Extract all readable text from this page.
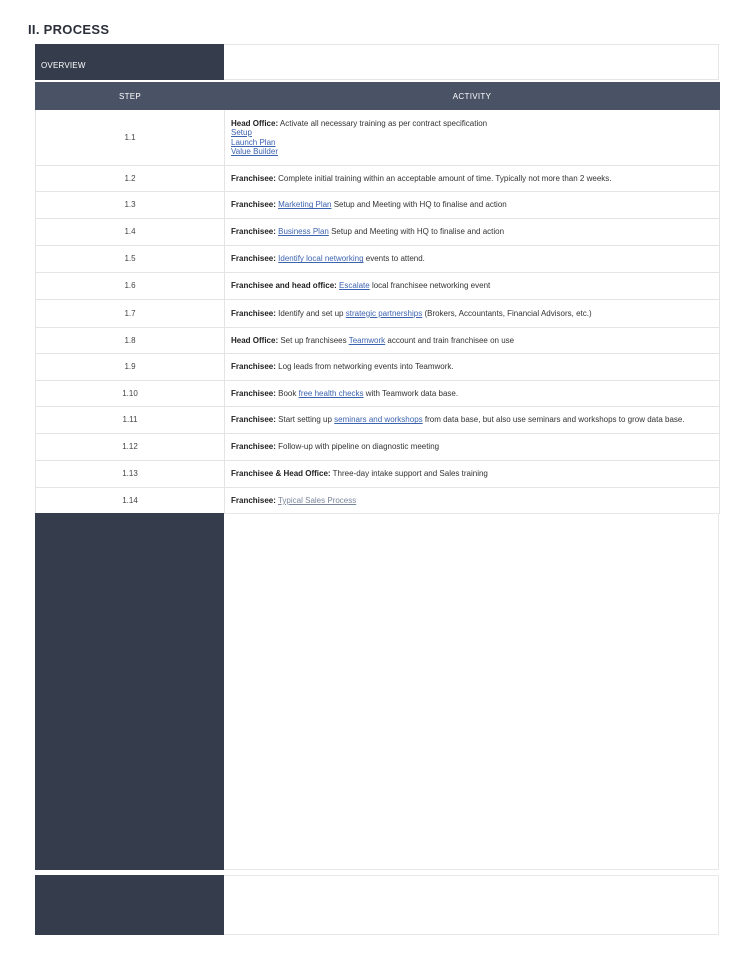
II. PROCESS
OVERVIEW
STEP	ACTIVITY
1.1	Head Office: Activate all necessary training as per contract specification
Setup
Launch Plan
Value Builder
1.2	Franchisee: Complete initial training within an acceptable amount of time. Typically not more than 2 weeks.
1.3	Franchisee: Marketing Plan Setup and Meeting with HQ to finalise and action
1.4	Franchisee: Business Plan Setup and Meeting with HQ to finalise and action
1.5	Franchisee: Identify local networking events to attend.
1.6	Franchisee and head office: Escalate local franchisee networking event
1.7	Franchisee: Identify and set up strategic partnerships (Brokers, Accountants, Financial Advisors, etc.)
1.8	Head Office: Set up franchisees Teamwork account and train franchisee on use
1.9	Franchisee: Log leads from networking events into Teamwork.
1.10	Franchisee: Book free health checks with Teamwork data base.
1.11	Franchisee: Start setting up seminars and workshops from data base, but also use seminars and workshops to grow data base.
1.12	Franchisee: Follow-up with pipeline on diagnostic meeting
1.13	Franchisee & Head Office: Three-day intake support and Sales training
1.14	Franchisee: Typical Sales Process
